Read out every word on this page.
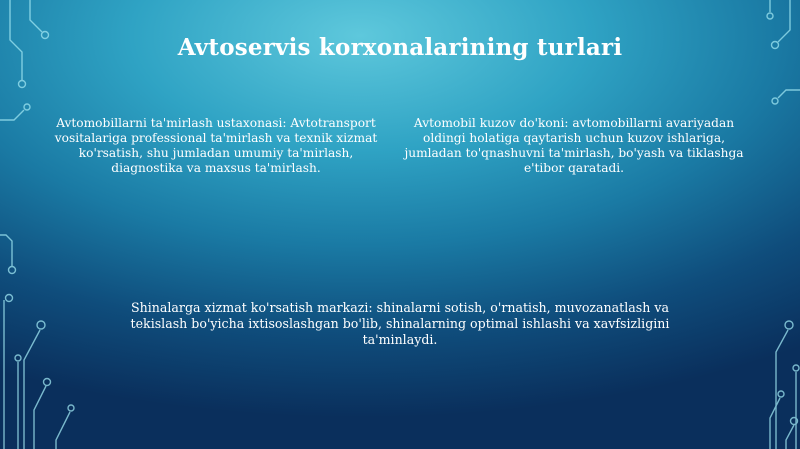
Avtoservis korxonalarining turlari
Avtomobillarni ta'mirlash ustaxonasi: Avtotransport vositalariga professional ta'mirlash va texnik xizmat ko'rsatish, shu jumladan umumiy ta'mirlash, diagnostika va maxsus ta'mirlash.
Avtomobil kuzov do'koni: avtomobillarni avariyadan oldingi holatiga qaytarish uchun kuzov ishlariga, jumladan to'qnashuvni ta'mirlash, bo'yash va tiklashga e'tibor qaratadi.
Shinalarga xizmat ko'rsatish markazi: shinalarni sotish, o'rnatish, muvozanatlash va tekislash bo'yicha ixtisoslashgan bo'lib, shinalarning optimal ishlashi va xavfsizligini ta'minlaydi.
